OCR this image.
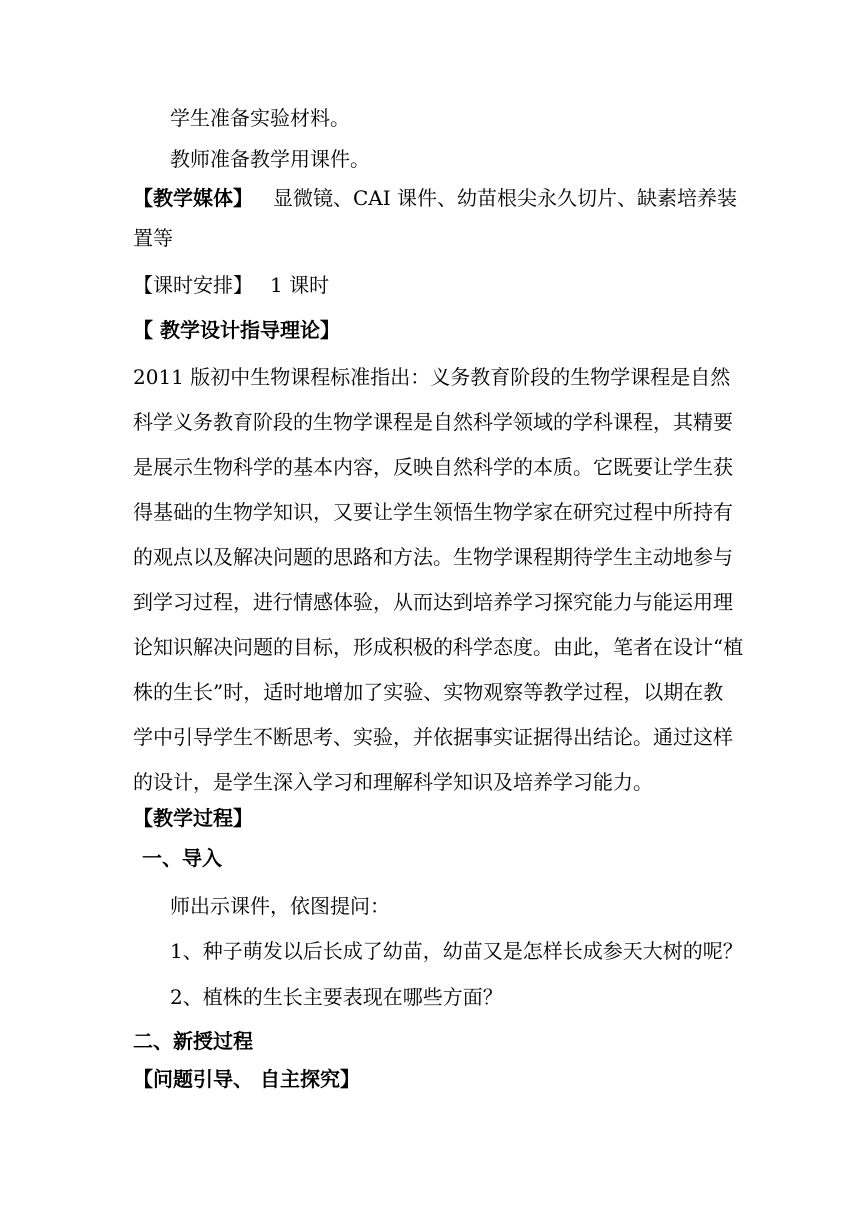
学生准备实验材料。
教师准备教学用课件。
【教学媒体】 显微镜、CAI 课件、幼苗根尖永久切片、缺素培养装
置等
【课时安排】 1 课时
【 教学设计指导理论】
2011 版初中生物课程标准指出：义务教育阶段的生物学课程是自然
科学义务教育阶段的生物学课程是自然科学领域的学科课程，其精要
是展示生物科学的基本内容，反映自然科学的本质。它既要让学生获
得基础的生物学知识，又要让学生领悟生物学家在研究过程中所持有
的观点以及解决问题的思路和方法。生物学课程期待学生主动地参与
到学习过程，进行情感体验，从而达到培养学习探究能力与能运用理
论知识解决问题的目标，形成积极的科学态度。由此，笔者在设计“植
株的生长”时，适时地增加了实验、实物观察等教学过程，以期在教
学中引导学生不断思考、实验，并依据事实证据得出结论。通过这样
的设计，是学生深入学习和理解科学知识及培养学习能力。
【教学过程】
一、导入
师出示课件，依图提问：
1、种子萌发以后长成了幼苗，幼苗又是怎样长成参天大树的呢？
2、植株的生长主要表现在哪些方面？
二、新授过程
【问题引导、 自主探究】
